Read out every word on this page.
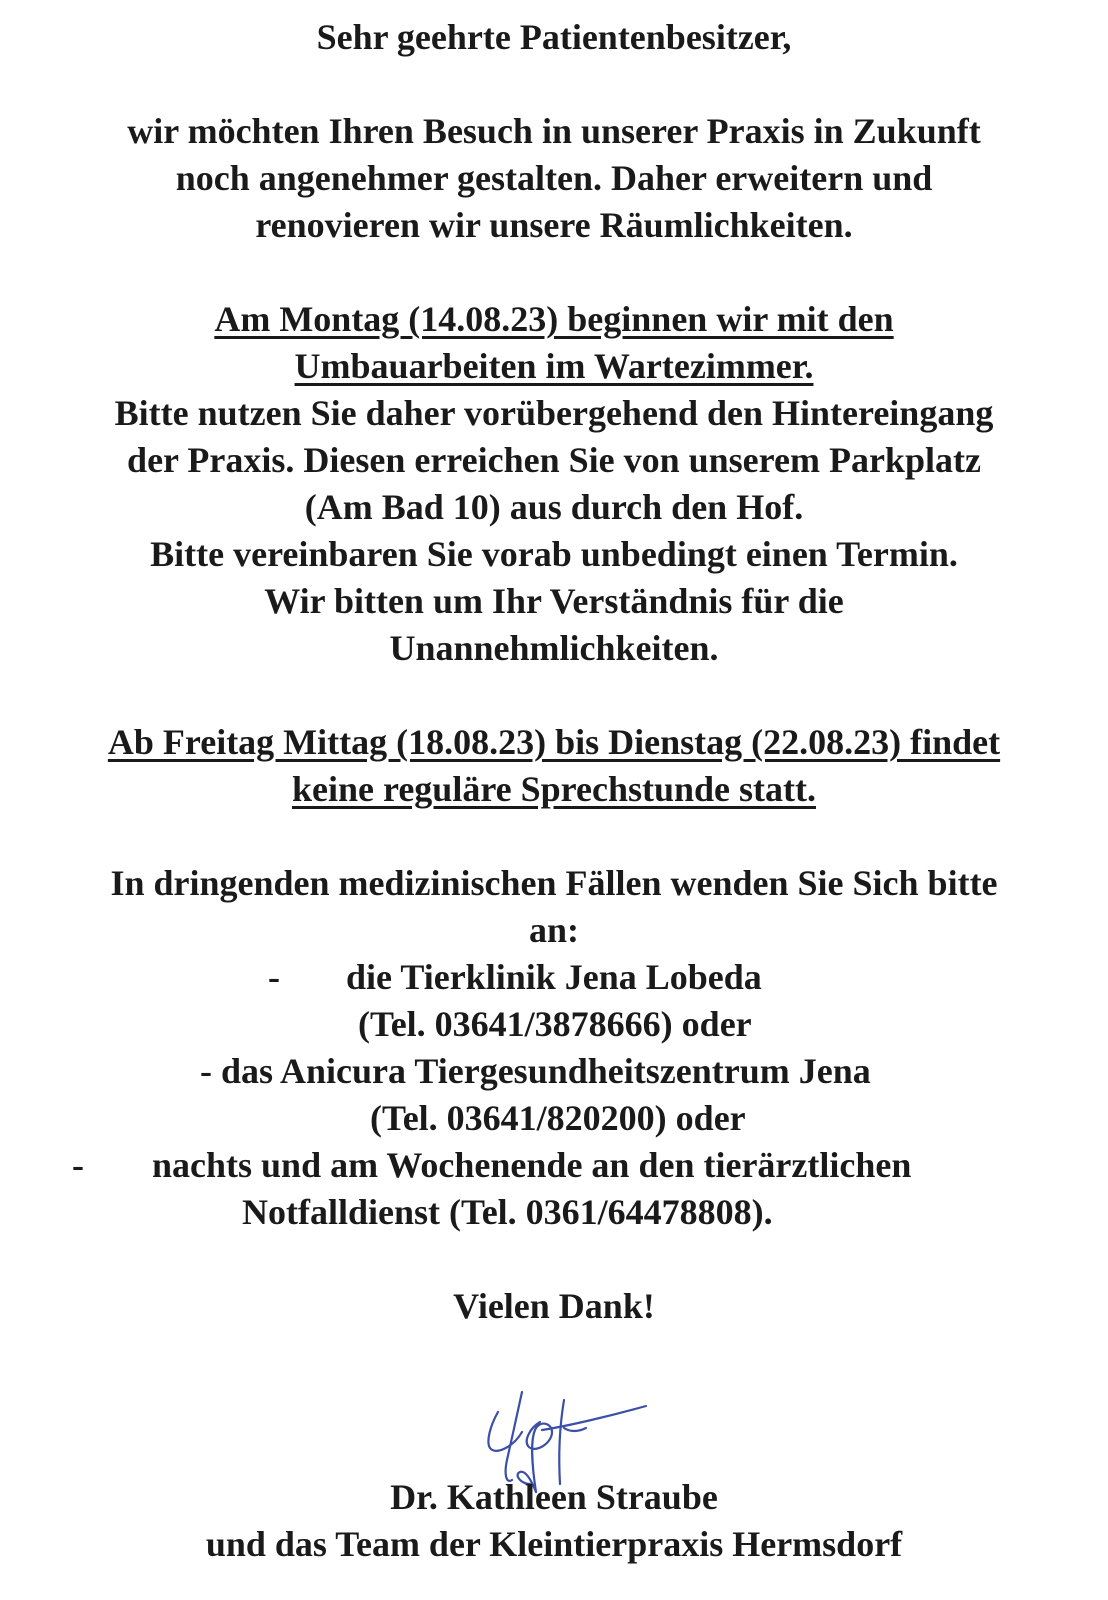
Sehr geehrte Patientenbesitzer,
wir möchten Ihren Besuch in unserer Praxis in Zukunft
noch angenehmer gestalten. Daher erweitern und
renovieren wir unsere Räumlichkeiten.
Am Montag (14.08.23) beginnen wir mit den
Umbauarbeiten im Wartezimmer.
Bitte nutzen Sie daher vorübergehend den Hintereingang
der Praxis. Diesen erreichen Sie von unserem Parkplatz
(Am Bad 10) aus durch den Hof.
Bitte vereinbaren Sie vorab unbedingt einen Termin.
Wir bitten um Ihr Verständnis für die
Unannehmlichkeiten.
Ab Freitag Mittag (18.08.23) bis Dienstag (22.08.23) findet
keine reguläre Sprechstunde statt.
In dringenden medizinischen Fällen wenden Sie Sich bitte
an:
- die Tierklinik Jena Lobeda
(Tel. 03641/3878666) oder
- das Anicura Tiergesundheitszentrum Jena
(Tel. 03641/820200) oder
- nachts und am Wochenende an den tierärztlichen
Notfalldienst (Tel. 0361/64478808).
Vielen Dank!
Dr. Kathleen Straube
und das Team der Kleintierpraxis Hermsdorf
